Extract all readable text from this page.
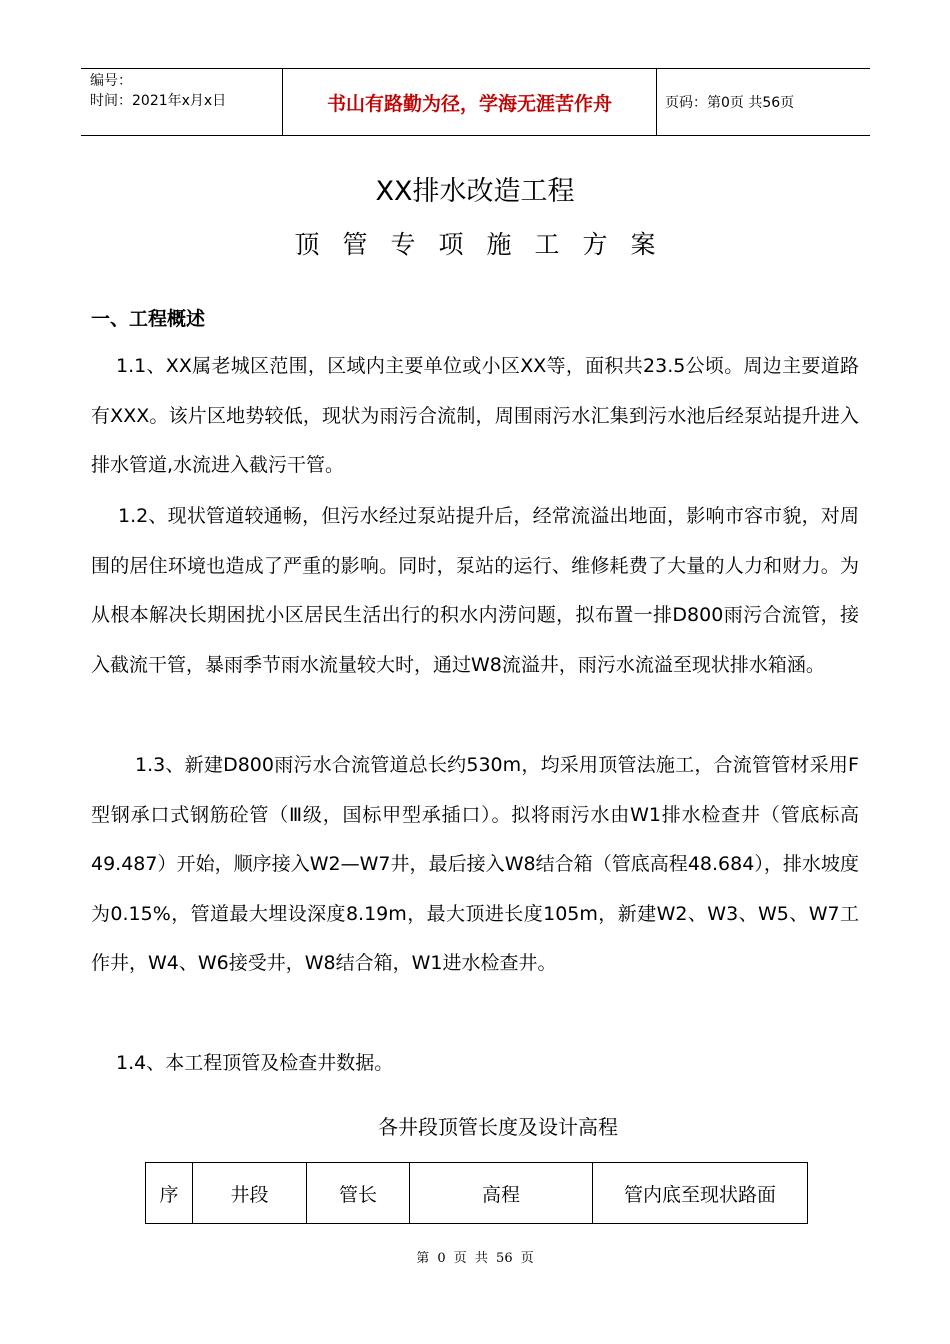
编号：
时间：2021年x月x日	书山有路勤为径，学海无涯苦作舟	页码：第0页 共56页
XX排水改造工程
顶管专项施工方案
一、工程概述
1.1、XX属老城区范围，区域内主要单位或小区XX等，面积共23.5公顷。周边主要道路有XXX。该片区地势较低，现状为雨污合流制，周围雨污水汇集到污水池后经泵站提升进入排水管道,水流进入截污干管。
1.2、现状管道较通畅，但污水经过泵站提升后，经常流溢出地面，影响市容市貌，对周围的居住环境也造成了严重的影响。同时，泵站的运行、维修耗费了大量的人力和财力。为从根本解决长期困扰小区居民生活出行的积水内涝问题，拟布置一排D800雨污合流管，接入截流干管，暴雨季节雨水流量较大时，通过W8流溢井，雨污水流溢至现状排水箱涵。
1.3、新建D800雨污水合流管道总长约530m，均采用顶管法施工，合流管管材采用F型钢承口式钢筋砼管（Ⅲ级，国标甲型承插口）。拟将雨污水由W1排水检查井（管底标高49.487）开始，顺序接入W2—W7井，最后接入W8结合箱（管底高程48.684），排水坡度为0.15%，管道最大埋设深度8.19m，最大顶进长度105m，新建W2、W3、W5、W7工作井，W4、W6接受井，W8结合箱，W1进水检查井。
1.4、本工程顶管及检查井数据。
各井段顶管长度及设计高程
序	井段	管长	高程	管内底至现状路面
第 0 页 共 56 页
